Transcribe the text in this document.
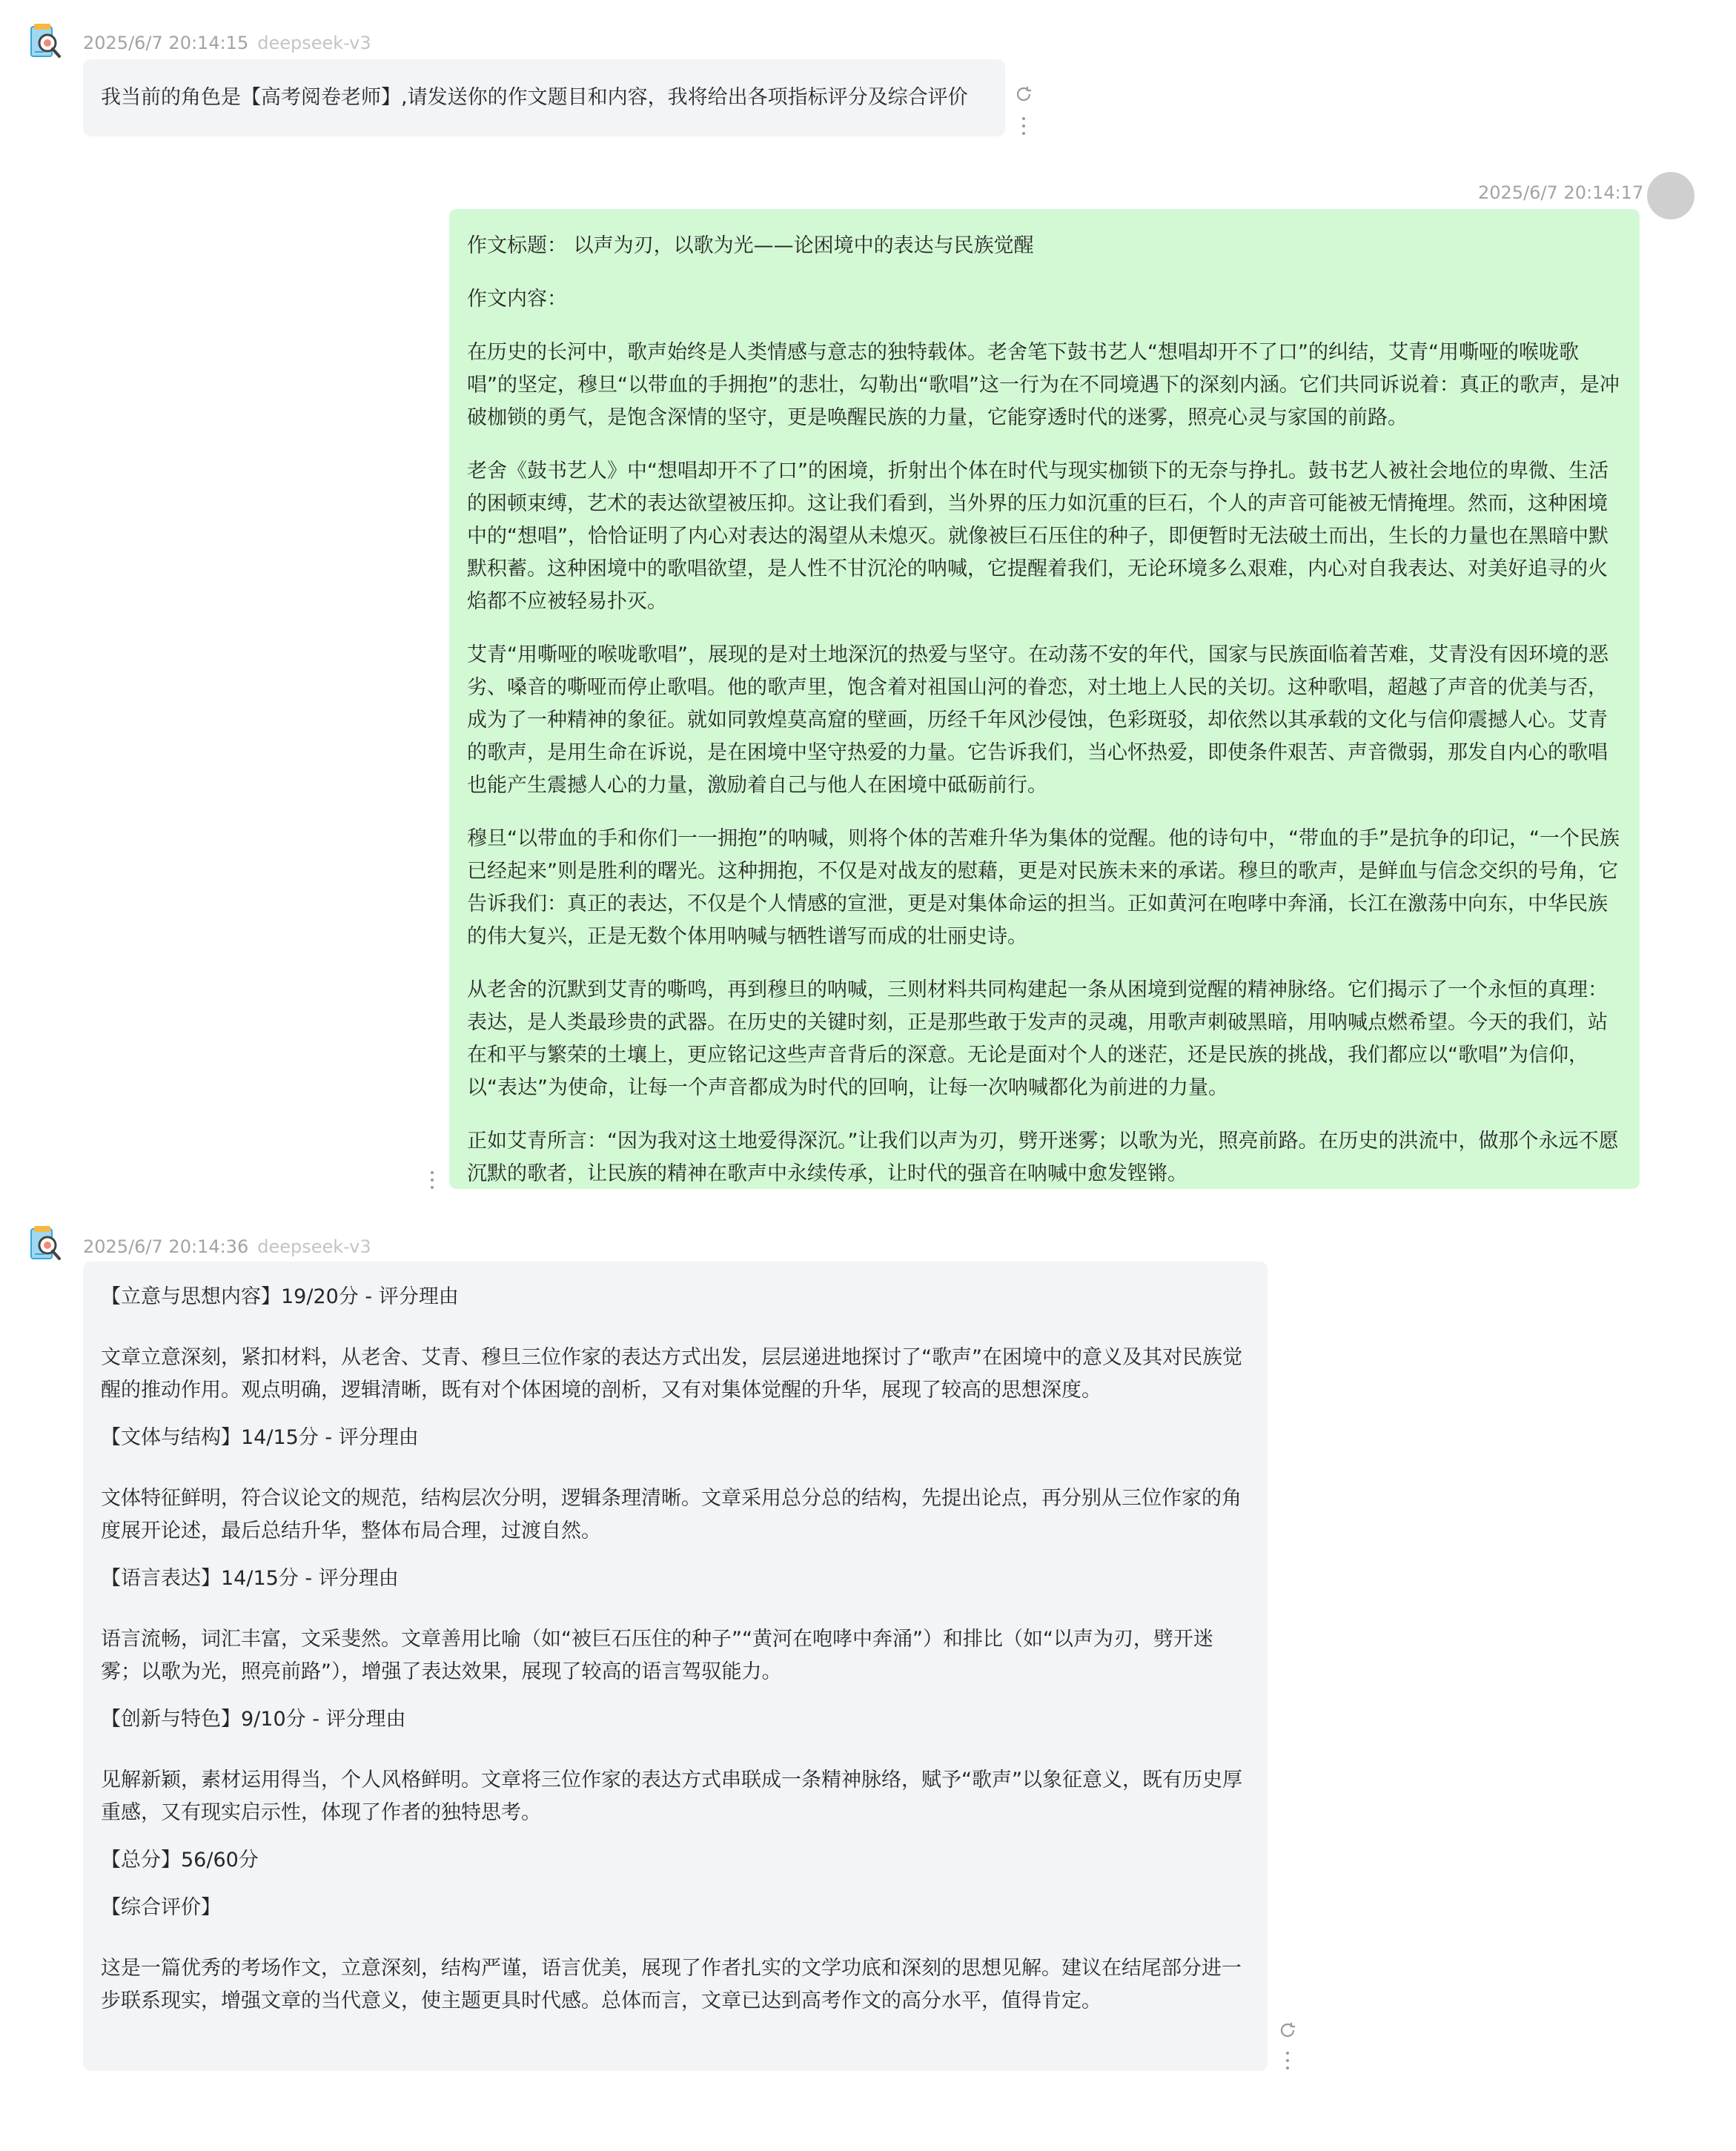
2025/6/7 20:14:15 deepseek-v3

我当前的角色是【高考阅卷老师】,请发送你的作文题目和内容，我将给出各项指标评分及综合评价

2025/6/7 20:14:17

作文标题： 以声为刃，以歌为光——论困境中的表达与民族觉醒

作文内容：

在历史的长河中，歌声始终是人类情感与意志的独特载体。老舍笔下鼓书艺人“想唱却开不了口”的纠结，艾青“用嘶哑的喉咙歌唱”的坚定，穆旦“以带血的手拥抱”的悲壮，勾勒出“歌唱”这一行为在不同境遇下的深刻内涵。它们共同诉说着：真正的歌声，是冲破枷锁的勇气，是饱含深情的坚守，更是唤醒民族的力量，它能穿透时代的迷雾，照亮心灵与家国的前路。

老舍《鼓书艺人》中“想唱却开不了口”的困境，折射出个体在时代与现实枷锁下的无奈与挣扎。鼓书艺人被社会地位的卑微、生活的困顿束缚，艺术的表达欲望被压抑。这让我们看到，当外界的压力如沉重的巨石，个人的声音可能被无情掩埋。然而，这种困境中的“想唱”，恰恰证明了内心对表达的渴望从未熄灭。就像被巨石压住的种子，即便暂时无法破土而出，生长的力量也在黑暗中默默积蓄。这种困境中的歌唱欲望，是人性不甘沉沦的呐喊，它提醒着我们，无论环境多么艰难，内心对自我表达、对美好追寻的火焰都不应被轻易扑灭。

艾青“用嘶哑的喉咙歌唱”，展现的是对土地深沉的热爱与坚守。在动荡不安的年代，国家与民族面临着苦难，艾青没有因环境的恶劣、嗓音的嘶哑而停止歌唱。他的歌声里，饱含着对祖国山河的眷恋，对土地上人民的关切。这种歌唱，超越了声音的优美与否，成为了一种精神的象征。就如同敦煌莫高窟的壁画，历经千年风沙侵蚀，色彩斑驳，却依然以其承载的文化与信仰震撼人心。艾青的歌声，是用生命在诉说，是在困境中坚守热爱的力量。它告诉我们，当心怀热爱，即使条件艰苦、声音微弱，那发自内心的歌唱也能产生震撼人心的力量，激励着自己与他人在困境中砥砺前行。

穆旦“以带血的手和你们一一拥抱”的呐喊，则将个体的苦难升华为集体的觉醒。他的诗句中，“带血的手”是抗争的印记，“一个民族已经起来”则是胜利的曙光。这种拥抱，不仅是对战友的慰藉，更是对民族未来的承诺。穆旦的歌声，是鲜血与信念交织的号角，它告诉我们：真正的表达，不仅是个人情感的宣泄，更是对集体命运的担当。正如黄河在咆哮中奔涌，长江在激荡中向东，中华民族的伟大复兴，正是无数个体用呐喊与牺牲谱写而成的壮丽史诗。

从老舍的沉默到艾青的嘶鸣，再到穆旦的呐喊，三则材料共同构建起一条从困境到觉醒的精神脉络。它们揭示了一个永恒的真理：表达，是人类最珍贵的武器。在历史的关键时刻，正是那些敢于发声的灵魂，用歌声刺破黑暗，用呐喊点燃希望。今天的我们，站在和平与繁荣的土壤上，更应铭记这些声音背后的深意。无论是面对个人的迷茫，还是民族的挑战，我们都应以“歌唱”为信仰，以“表达”为使命，让每一个声音都成为时代的回响，让每一次呐喊都化为前进的力量。

正如艾青所言：“因为我对这土地爱得深沉。”让我们以声为刃，劈开迷雾；以歌为光，照亮前路。在历史的洪流中，做那个永远不愿沉默的歌者，让民族的精神在歌声中永续传承，让时代的强音在呐喊中愈发铿锵。

2025/6/7 20:14:36 deepseek-v3

【立意与思想内容】19/20分 - 评分理由

文章立意深刻，紧扣材料，从老舍、艾青、穆旦三位作家的表达方式出发，层层递进地探讨了“歌声”在困境中的意义及其对民族觉醒的推动作用。观点明确，逻辑清晰，既有对个体困境的剖析，又有对集体觉醒的升华，展现了较高的思想深度。

【文体与结构】14/15分 - 评分理由

文体特征鲜明，符合议论文的规范，结构层次分明，逻辑条理清晰。文章采用总分总的结构，先提出论点，再分别从三位作家的角度展开论述，最后总结升华，整体布局合理，过渡自然。

【语言表达】14/15分 - 评分理由

语言流畅，词汇丰富，文采斐然。文章善用比喻（如“被巨石压住的种子”“黄河在咆哮中奔涌”）和排比（如“以声为刃，劈开迷雾；以歌为光，照亮前路”），增强了表达效果，展现了较高的语言驾驭能力。

【创新与特色】9/10分 - 评分理由

见解新颖，素材运用得当，个人风格鲜明。文章将三位作家的表达方式串联成一条精神脉络，赋予“歌声”以象征意义，既有历史厚重感，又有现实启示性，体现了作者的独特思考。

【总分】56/60分

【综合评价】

这是一篇优秀的考场作文，立意深刻，结构严谨，语言优美，展现了作者扎实的文学功底和深刻的思想见解。建议在结尾部分进一步联系现实，增强文章的当代意义，使主题更具时代感。总体而言，文章已达到高考作文的高分水平，值得肯定。
